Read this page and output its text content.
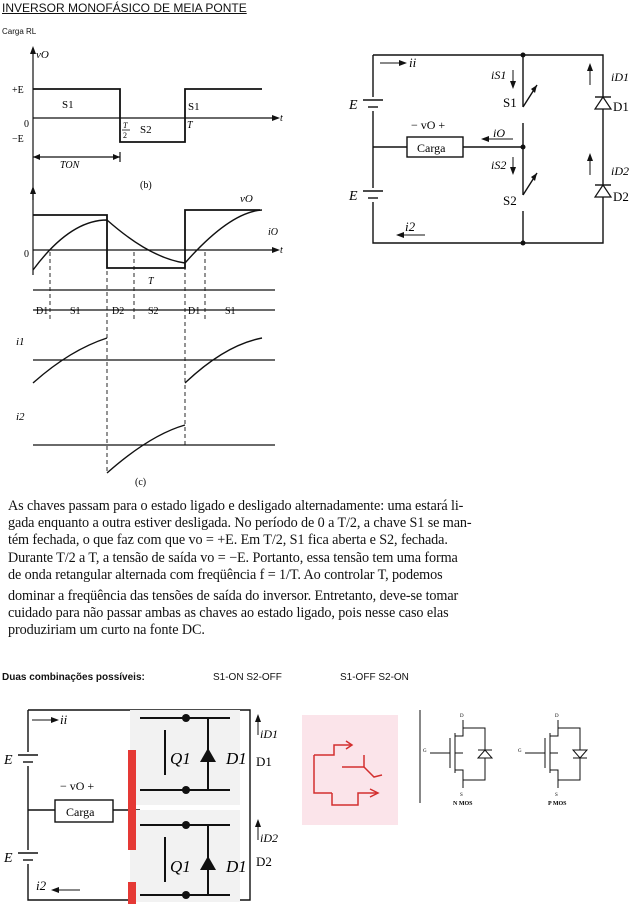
INVERSOR MONOFÁSICO DE MEIA PONTE
Carga RL
vO
+E
−E
0
S1
S2
S1
T
2
T
t
TON
(b)
vO
iO
0
T
t
D1 S1	D2 S2	D1 S1
i1
i2
(c)
ii
iS1
S1
iD1
D1
E
− vO +
iO
Carga
iS2
S2
iD2
D2
E
i2
As chaves passam para o estado ligado e desligado alternadamente: uma estará li-
gada enquanto a outra estiver desligada. No período de 0 a T/2, a chave S1 se man-
tém fechada, o que faz com que vo = +E. Em T/2, S1 fica aberta e S2, fechada.
Durante T/2 a T, a tensão de saída vo = −E. Portanto, essa tensão tem uma forma
de onda retangular alternada com freqüência f = 1/T. Ao controlar T, podemos
dominar a freqüência das tensões de saída do inversor. Entretanto, deve-se tomar
cuidado para não passar ambas as chaves ao estado ligado, pois nesse caso elas
produziriam um curto na fonte DC.
Duas combinações possíveis:	S1-ON S2-OFF	S1-OFF S2-ON
ii
E
E
− vO +
Carga
i2
Q1 D1
Q1 D1
iD1
D1
iD2
D2
D
G
S
N MOS
D
G
S
P MOS
